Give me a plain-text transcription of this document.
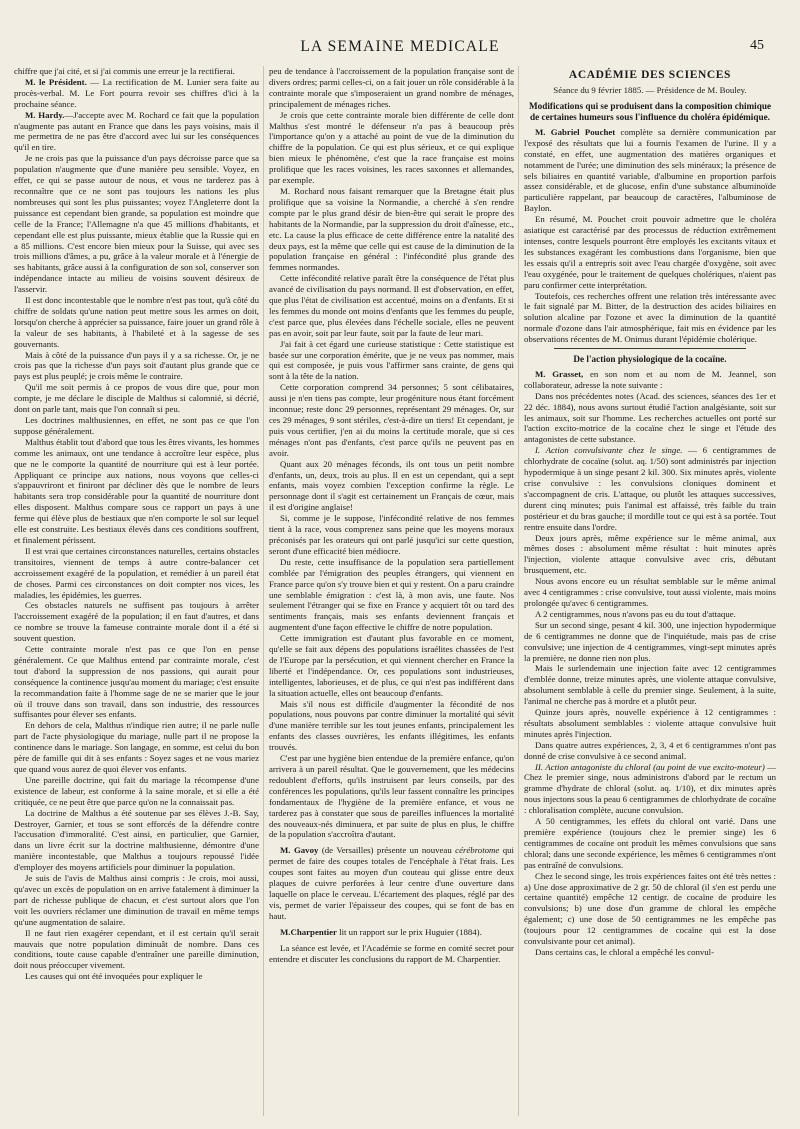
LA SEMAINE MEDICALE	45

chiffre que j'ai cité, et si j'ai commis une erreur je la rectifierai.

M. le Président. — La rectification de M. Lunier sera faite au procès-verbal. M. Le Fort pourra revoir ses chiffres d'ici à la prochaine séance.

M. Hardy.—J'accepte avec M. Rochard ce fait que la population n'augmente pas autant en France que dans les pays voisins, mais il me permettra de ne pas être d'accord avec lui sur les conséquences qu'il en tire.

Je ne crois pas que la puissance d'un pays décroisse parce que sa population n'augmente que d'une manière peu sensible. Voyez, en effet, ce qui se passe autour de nous, et vous ne tarderez pas à reconnaître que ce ne sont pas toujours les nations les plus nombreuses qui sont les plus puissantes; voyez l'Angleterre dont la puissance est cependant bien grande, sa population est moindre que celle de la France; l'Allemagne n'a que 45 millions d'habitants, et cependant elle est plus puissante, mieux établie que la Russie qui en a 85 millions. C'est encore bien mieux pour la Suisse, qui avec ses trois millions d'âmes, a pu, grâce à la valeur morale et à l'énergie de ses habitants, grâce aussi à la configuration de son sol, conserver son indépendance intacte au milieu de voisins souvent désireux de l'asservir.

Il est donc incontestable que le nombre n'est pas tout, qu'à côté du chiffre de soldats qu'une nation peut mettre sous les armes on doit, lorsqu'on cherche à apprécier sa puissance, faire jouer un grand rôle à la valeur de ses habitants, à l'habileté et à la sagesse de ses gouvernants.

Mais à côté de la puissance d'un pays il y a sa richesse. Or, je ne crois pas que la richesse d'un pays soit d'autant plus grande que ce pays est plus peuplé; je crois même le contraire.

Qu'il me soit permis à ce propos de vous dire que, pour mon compte, je me déclare le disciple de Malthus si calomnié, si décrié, dont on parle tant, mais que l'on connaît si peu.

Les doctrines malthusiennes, en effet, ne sont pas ce que l'on suppose généralement.

Malthus établit tout d'abord que tous les êtres vivants, les hommes comme les animaux, ont une tendance à accroître leur espèce, plus que ne le comporte la quantité de nourriture qui est à leur portée. Appliquant ce principe aux nations, nous voyons que celles-ci s'appauvriront et finiront par décliner dès que le nombre de leurs habitants sera trop considérable pour la quantité de nourriture dont elles disposent. Malthus compare sous ce rapport un pays à une ferme qui élève plus de bestiaux que n'en comporte le sol sur lequel elle est construite. Les bestiaux élevés dans ces conditions souffrent, et finalement périssent.

Il est vrai que certaines circonstances naturelles, certains obstacles transitoires, viennent de temps à autre contre-balancer cet accroissement exagéré de la population, et remédier à un pareil état de choses. Parmi ces circonstances on doit compter nos vices, les maladies, les épidémies, les guerres.

Ces obstacles naturels ne suffisent pas toujours à arrêter l'accroissement exagéré de la population; il en faut d'autres, et dans ce nombre se trouve la fameuse contrainte morale dont il a été si souvent question.

Cette contrainte morale n'est pas ce que l'on en pense généralement. Ce que Malthus entend par contrainte morale, c'est tout d'abord la suppression de nos passions, qui aurait pour conséquence la continence jusqu'au moment du mariage; c'est ensuite la recommandation faite à l'homme sage de ne se marier que le jour où il trouve dans son travail, dans son industrie, des ressources suffisantes pour élever ses enfants.

En dehors de cela, Malthus n'indique rien autre; il ne parle nulle part de l'acte physiologique du mariage, nulle part il ne propose la continence dans le mariage. Son langage, en somme, est celui du bon père de famille qui dit à ses enfants : Soyez sages et ne vous mariez que quand vous aurez de quoi élever vos enfants.

Une pareille doctrine, qui fait du mariage la récompense d'une existence de labeur, est conforme à la saine morale, et si elle a été critiquée, ce ne peut être que parce qu'on ne la connaissait pas.

La doctrine de Malthus a été soutenue par ses élèves J.-B. Say, Destroyer, Garnier, et tous se sont efforcés de la défendre contre l'accusation d'immoralité. C'est ainsi, en particulier, que Garnier, dans un livre écrit sur la doctrine malthusienne, démontre d'une manière incontestable, que Malthus a toujours repoussé l'idée d'employer des moyens artificiels pour diminuer la population.

Je suis de l'avis de Malthus ainsi compris : Je crois, moi aussi, qu'avec un excès de population on en arrive fatalement à diminuer la part de richesse publique de chacun, et c'est surtout alors que l'on voit les ouvriers réclamer une diminution de travail en même temps qu'une augmentation de salaire.

Il ne faut rien exagérer cependant, et il est certain qu'il serait mauvais que notre population diminuât de nombre. Dans ces conditions, toute cause capable d'entraîner une pareille diminution, doit nous préoccuper vivement.

Les causes qui ont été invoquées pour expliquer le

peu de tendance à l'accroissement de la population française sont de divers ordres; parmi celles-ci, on a fait jouer un rôle considérable à la contrainte morale que s'imposeraient un grand nombre de ménages, principalement de ménages riches.

Je crois que cette contrainte morale bien différente de celle dont Malthus s'est montré le défenseur n'a pas à beaucoup près l'importance qu'on y a attaché au point de vue de la diminution du chiffre de la population. Ce qui est plus sérieux, et ce qui explique bien mieux le phénomène, c'est que la race française est moins prolifique que les races voisines, les races saxonnes et allemandes, par exemple.

M. Rochard nous faisant remarquer que la Bretagne était plus prolifique que sa voisine la Normandie, a cherché à s'en rendre compte par le plus grand désir de bien-être qui serait le propre des habitants de la Normandie, par la suppression du droit d'aînesse, etc., etc. La cause la plus efficace de cette différence entre la natalité des deux pays, est la même que celle qui est cause de la diminution de la population française en général : l'infécondité plus grande des femmes normandes.

Cette infécondité relative paraît être la conséquence de l'état plus avancé de civilisation du pays normand. Il est d'observation, en effet, que plus l'état de civilisation est accentué, moins on a d'enfants. Et si les femmes du monde ont moins d'enfants que les femmes du peuple, c'est parce que, plus élevées dans l'échelle sociale, elles ne peuvent pas en avoir, soit par leur faute, soit par la faute de leur mari.

J'ai fait à cet égard une curieuse statistique : Cette statistique est basée sur une corporation émérite, que je ne veux pas nommer, mais qui est composée, je puis vous l'affirmer sans crainte, de gens qui sont à la tête de la nation.

Cette corporation comprend 34 personnes; 5 sont célibataires, aussi je n'en tiens pas compte, leur progéniture nous étant forcément inconnue; reste donc 29 personnes, représentant 29 ménages. Or, sur ces 29 ménages, 9 sont stériles, c'est-à-dire un tiers! Et cependant, je puis vous certifier, j'en ai du moins la certitude morale, que si ces ménages n'ont pas d'enfants, c'est parce qu'ils ne peuvent pas en avoir.

Quant aux 20 ménages féconds, ils ont tous un petit nombre d'enfants, un, deux, trois au plus. Il en est un cependant, qui a sept enfants, mais voyez combien l'exception confirme la règle. Le personnage dont il s'agit est certainement un Français de cœur, mais il est d'origine anglaise!

Si, comme je le suppose, l'infécondité relative de nos femmes tient à la race, vous comprenez sans peine que les moyens moraux préconisés par les orateurs qui ont parlé jusqu'ici sur cette question, seront d'une efficacité bien médiocre.

Du reste, cette insuffisance de la population sera partiellement comblée par l'émigration des peuples étrangers, qui viennent en France parce qu'on s'y trouve bien et qui y restent. On a paru craindre une semblable émigration : c'est là, à mon avis, une faute. Nos seulement l'étranger qui se fixe en France y acquiert tôt ou tard des sentiments français, mais ses enfants deviennent français et augmentent d'une façon effective le chiffre de notre population.

Cette immigration est d'autant plus favorable en ce moment, qu'elle se fait aux dépens des populations israélites chassées de l'est de l'Europe par la persécution, et qui viennent chercher en France la liberté et l'indépendance. Or, ces populations sont industrieuses, intelligentes, laborieuses, et de plus, ce qui n'est pas indifférent dans la situation actuelle, elles ont beaucoup d'enfants.

Mais s'il nous est difficile d'augmenter la fécondité de nos populations, nous pouvons par contre diminuer la mortalité qui sévit d'une manière terrible sur les tout jeunes enfants, principalement les enfants des classes ouvrières, les enfants illégitimes, les enfants trouvés.

C'est par une hygiène bien entendue de la première enfance, qu'on arrivera à un pareil résultat. Que le gouvernement, que les médecins redoublent d'efforts, qu'ils instruisent par leurs conseils, par des conférences les populations, qu'ils leur fassent connaître les principes fondamentaux de l'hygiène de la première enfance, et vous ne tarderez pas à constater que sous de pareilles influences la mortalité des nouveaux-nés diminuera, et par suite de plus en plus, le chiffre de la population s'accroîtra d'autant.

M. Gavoy (de Versailles) présente un nouveau cérébrotome qui permet de faire des coupes totales de l'encéphale à l'état frais. Les coupes sont faites au moyen d'un couteau qui glisse entre deux plaques de cuivre perforées à leur centre d'une ouverture dans laquelle on place le cerveau. L'écartement des plaques, réglé par des vis, permet de varier l'épaisseur des coupes, qui se font de bas en haut.

M.Charpentier lit un rapport sur le prix Huguier (1884).

La séance est levée, et l'Académie se forme en comité secret pour entendre et discuter les conclusions du rapport de M. Charpentier.

ACADÉMIE DES SCIENCES
Séance du 9 février 1885. — Présidence de M. Bouley.
Modifications qui se produisent dans la composition chimique de certaines humeurs sous l'influence du choléra épidémique.

M. Gabriel Pouchet complète sa dernière communication par l'exposé des résultats que lui a fournis l'examen de l'urine. Il y a constaté, en effet, une augmentation des matières organiques et notamment de l'urée; une diminution des sels minéraux; la présence de sels biliaires en quantité variable, d'albumine en proportion parfois assez considérable, et de glucose, enfin d'une substance albuminoïde particulière rappelant, par beaucoup de caractères, l'albuminose de Baylon.

En résumé, M. Pouchet croit pouvoir admettre que le choléra asiatique est caractérisé par des processus de réduction extrêmement intenses, contre lesquels pourront être employés les excitants vitaux et les substances exagérant les combustions dans l'organisme, bien que les essais qu'il a entrepris soit avec l'eau chargée d'oxygène, soit avec l'eau oxygénée, pour le traitement de quelques cholériques, n'aient pas paru confirmer cette interprétation.

Toutefois, ces recherches offrent une relation très intéressante avec le fait signalé par M. Bitter, de la destruction des acides biliaires en solution alcaline par l'ozone et avec la diminution de la quantité normale d'ozone dans l'air atmosphérique, fait mis en évidence par les observations récentes de M. Onimus durant l'épidémie cholérique.

De l'action physiologique de la cocaïne.

M. Grasset, en son nom et au nom de M. Jeannel, son collaborateur, adresse la note suivante :

Dans nos précédentes notes (Acad. des sciences, séances des 1er et 22 déc. 1884), nous avons surtout étudié l'action analgésiante, soit sur les animaux, soit sur l'homme. Les recherches actuelles ont porté sur l'action excito-motrice de la cocaïne chez le singe et l'étude des antagonistes de cette substance.

I. Action convulsivante chez le singe. — 6 centigrammes de chlorhydrate de cocaïne (solut. aq. 1/50) sont administrés par injection hypodermique à un singe pesant 2 kil. 300. Six minutes après, violente crise convulsive : les convulsions cloniques dominent et s'accompagnent de cris. L'attaque, ou plutôt les attaques successives, durent cinq minutes; puis l'animal est affaissé, très faible du train postérieur et du bras gauche; il mordille tout ce qui est à sa portée. Tout rentre ensuite dans l'ordre.

Deux jours après, même expérience sur le même animal, aux mêmes doses : absolument même résultat : huit minutes après l'injection, violente attaque convulsive avec cris, débutant brusquement, etc.

Nous avons encore eu un résultat semblable sur le même animal avec 4 centigrammes : crise convulsive, tout aussi violente, mais moins prolongée qu'avec 6 centigrammes.

A 2 centigrammes, nous n'avons pas eu du tout d'attaque.

Sur un second singe, pesant 4 kil. 300, une injection hypodermique de 6 centigrammes ne donne que de l'inquiétude, mais pas de crise convulsive; une injection de 4 centigrammes, vingt-sept minutes après la première, ne donne rien non plus.

Mais le surlendemain une injection faite avec 12 centigrammes d'emblée donne, treize minutes après, une violente attaque convulsive, absolument semblable à celle du premier singe. Seulement, à la suite, l'animal ne cherche pas à mordre et a plutôt peur.

Quinze jours après, nouvelle expérience à 12 centigrammes : résultats absolument semblables : violente attaque convulsive huit minutes après l'injection.

Dans quatre autres expériences, 2, 3, 4 et 6 centigrammes n'ont pas donné de crise convulsive à ce second animal.

II. Action antagoniste du chloral (au point de vue excito-moteur) — Chez le premier singe, nous administrons d'abord par le rectum un gramme d'hydrate de chloral (solut. aq. 1/10), et dix minutes après nous injectons sous la peau 6 centigrammes de chlorhydrate de cocaïne : chloralisation complète, aucune convulsion.

A 50 centigrammes, les effets du chloral ont varié. Dans une première expérience (toujours chez le premier singe) les 6 centigrammes de cocaïne ont produit les mêmes convulsions que sans chloral; dans une seconde expérience, les mêmes 6 centigrammes n'ont pas entraîné de convulsions.

Chez le second singe, les trois expériences faites ont été très nettes : a) Une dose approximative de 2 gr. 50 de chloral (il s'en est perdu une certaine quantité) empêche 12 centigr. de cocaïne de produire les convulsions; b) une dose d'un gramme de chloral les empêche également; c) une dose de 50 centigrammes ne les empêche pas (toujours pour 12 centigrammes de cocaïne qui est la dose convulsivante pour cet animal).

Dans certains cas, le chloral a empêché les convul-
